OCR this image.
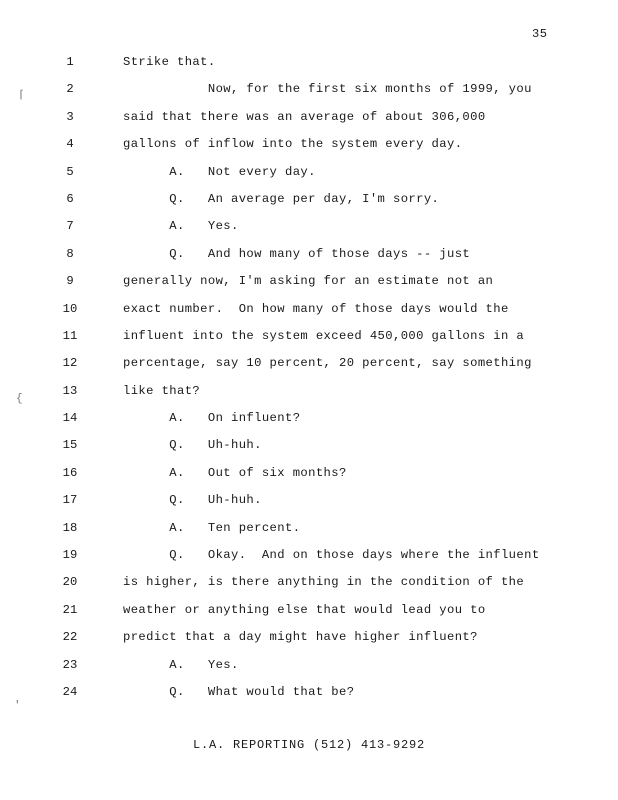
35
1	Strike that.
2	Now, for the first six months of 1999, you
3	said that there was an average of about 306,000
4	gallons of inflow into the system every day.
5	A.   Not every day.
6	Q.   An average per day, I'm sorry.
7	A.   Yes.
8	Q.   And how many of those days -- just
9	generally now, I'm asking for an estimate not an
10	exact number.  On how many of those days would the
11	influent into the system exceed 450,000 gallons in a
12	percentage, say 10 percent, 20 percent, say something
13	like that?
14	A.   On influent?
15	Q.   Uh-huh.
16	A.   Out of six months?
17	Q.   Uh-huh.
18	A.   Ten percent.
19	Q.   Okay.  And on those days where the influent
20	is higher, is there anything in the condition of the
21	weather or anything else that would lead you to
22	predict that a day might have higher influent?
23	A.   Yes.
24	Q.   What would that be?
L.A. REPORTING (512) 413-9292
⌈
{
′
